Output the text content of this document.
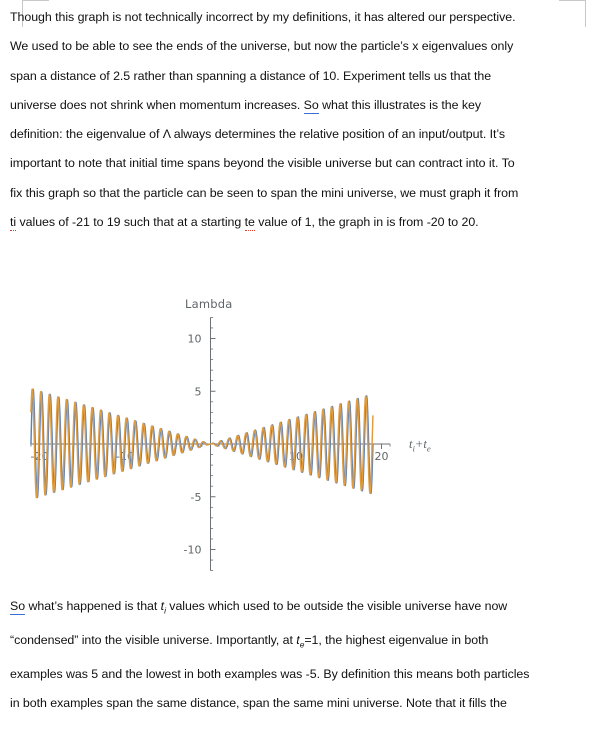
Though this graph is not technically incorrect by my definitions, it has altered our perspective.
We used to be able to see the ends of the universe, but now the particle’s x eigenvalues only
span a distance of 2.5 rather than spanning a distance of 10. Experiment tells us that the
universe does not shrink when momentum increases. So what this illustrates is the key
definition: the eigenvalue of Λ always determines the relative position of an input/output. It’s
important to note that initial time spans beyond the visible universe but can contract into it. To
fix this graph so that the particle can be seen to span the mini universe, we must graph it from
ti values of -21 to 19 such that at a starting te value of 1, the graph in is from -20 to 20.
Lambda
-20	-10	10	20
-10
-5
5
10
$t_i+t_e$
So what’s happened is that $t_i$ values which used to be outside the visible universe have now
“condensed” into the visible universe. Importantly, at $t_e=1$, the highest eigenvalue in both
examples was 5 and the lowest in both examples was -5. By definition this means both particles
in both examples span the same distance, span the same mini universe. Note that it fills the
